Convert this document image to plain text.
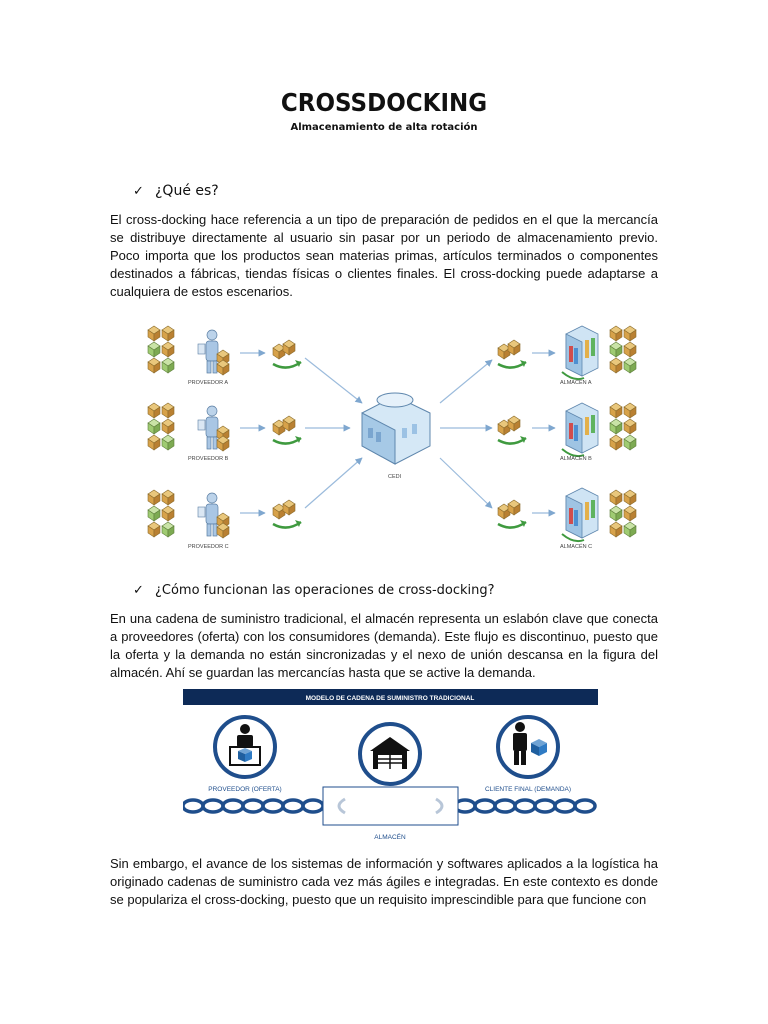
CROSSDOCKING
Almacenamiento de alta rotación
✓ ¿Qué es?
El cross-docking hace referencia a un tipo de preparación de pedidos en el que la mercancía se distribuye directamente al usuario sin pasar por un periodo de almacenamiento previo. Poco importa que los productos sean materias primas, artículos terminados o componentes destinados a fábricas, tiendas físicas o clientes finales. El cross-docking puede adaptarse a cualquiera de estos escenarios.
PROVEEDOR A
PROVEEDOR B
PROVEEDOR C
CEDI
ALMACÉN A
ALMACÉN B
ALMACÉN C
✓ ¿Cómo funcionan las operaciones de cross-docking?
En una cadena de suministro tradicional, el almacén representa un eslabón clave que conecta a proveedores (oferta) con los consumidores (demanda). Este flujo es discontinuo, puesto que la oferta y la demanda no están sincronizadas y el nexo de unión descansa en la figura del almacén. Ahí se guardan las mercancías hasta que se active la demanda.
MODELO DE CADENA DE SUMINISTRO TRADICIONAL
ALMACÉN
PROVEEDOR (OFERTA)	CLIENTE FINAL (DEMANDA)
Sin embargo, el avance de los sistemas de información y softwares aplicados a la logística ha originado cadenas de suministro cada vez más ágiles e integradas. En este contexto es donde se populariza el cross-docking, puesto que un requisito imprescindible para que funcione con
